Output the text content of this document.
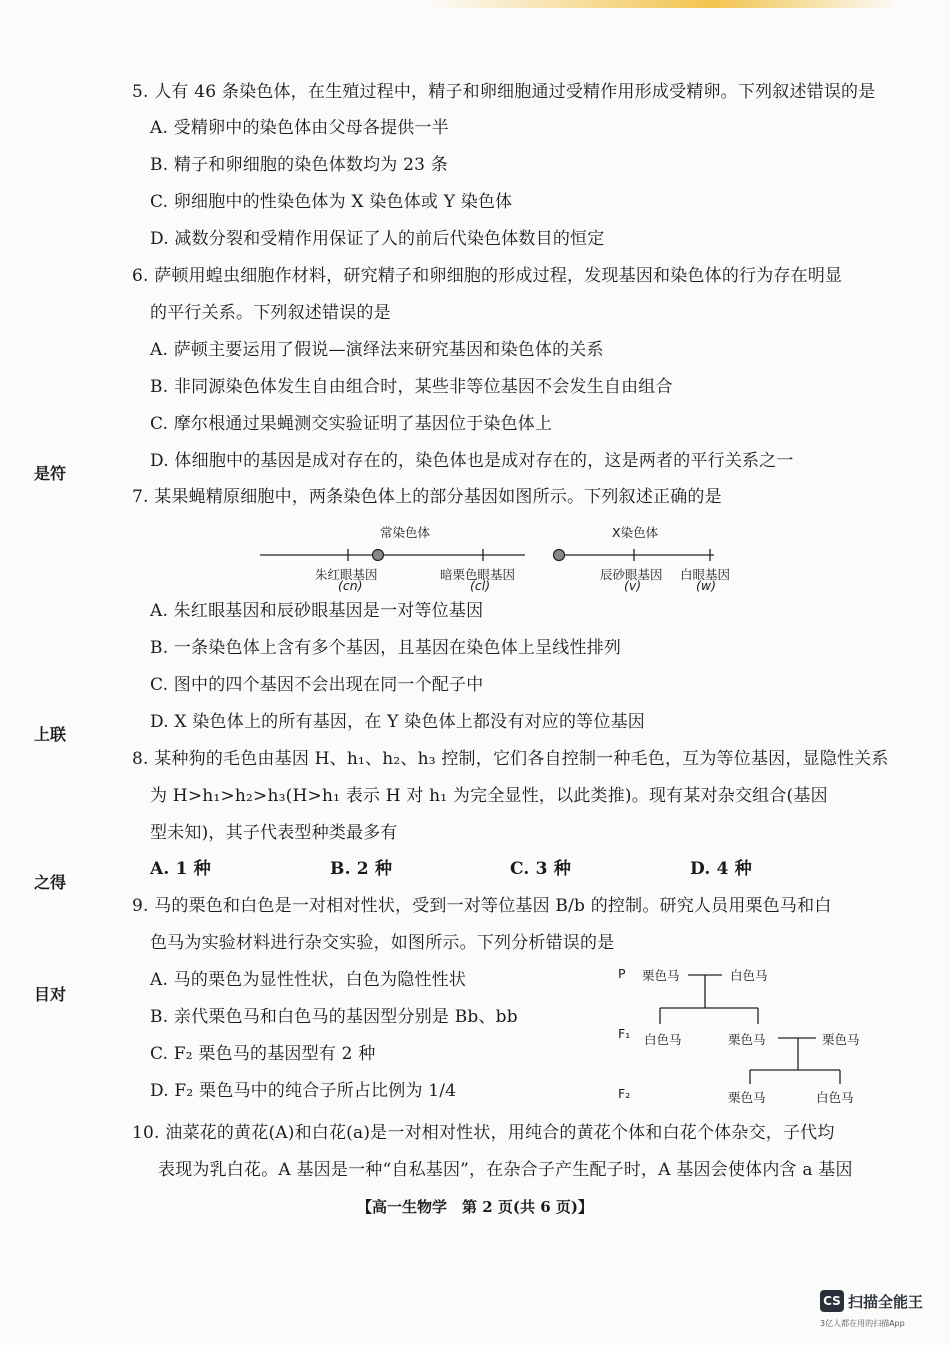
是符
上联
之得
目对
5. 人有 46 条染色体，在生殖过程中，精子和卵细胞通过受精作用形成受精卵。下列叙述错误的是
A. 受精卵中的染色体由父母各提供一半
B. 精子和卵细胞的染色体数均为 23 条
C. 卵细胞中的性染色体为 X 染色体或 Y 染色体
D. 减数分裂和受精作用保证了人的前后代染色体数目的恒定
6. 萨顿用蝗虫细胞作材料，研究精子和卵细胞的形成过程，发现基因和染色体的行为存在明显
的平行关系。下列叙述错误的是
A. 萨顿主要运用了假说—演绎法来研究基因和染色体的关系
B. 非同源染色体发生自由组合时，某些非等位基因不会发生自由组合
C. 摩尔根通过果蝇测交实验证明了基因位于染色体上
D. 体细胞中的基因是成对存在的，染色体也是成对存在的，这是两者的平行关系之一
7. 某果蝇精原细胞中，两条染色体上的部分基因如图所示。下列叙述正确的是
常染色体	X染色体
朱红眼基因
(cn)
暗栗色眼基因
(cl)
辰砂眼基因
(v)
白眼基因
(w)
A. 朱红眼基因和辰砂眼基因是一对等位基因
B. 一条染色体上含有多个基因，且基因在染色体上呈线性排列
C. 图中的四个基因不会出现在同一个配子中
D. X 染色体上的所有基因，在 Y 染色体上都没有对应的等位基因
8. 某种狗的毛色由基因 H、h₁、h₂、h₃ 控制，它们各自控制一种毛色，互为等位基因，显隐性关系
为 H>h₁>h₂>h₃(H>h₁ 表示 H 对 h₁ 为完全显性，以此类推)。现有某对杂交组合(基因
型未知)，其子代表型种类最多有
A. 1 种	B. 2 种	C. 3 种	D. 4 种
9. 马的栗色和白色是一对相对性状，受到一对等位基因 B/b 的控制。研究人员用栗色马和白
色马为实验材料进行杂交实验，如图所示。下列分析错误的是
A. 马的栗色为显性性状，白色为隐性性状
B. 亲代栗色马和白色马的基因型分别是 Bb、bb
C. F₂ 栗色马的基因型有 2 种
D. F₂ 栗色马中的纯合子所占比例为 1/4
P 栗色马	白色马
F₁ 白色马	栗色马	栗色马
F₂	栗色马	白色马
10. 油菜花的黄花(A)和白花(a)是一对相对性状，用纯合的黄花个体和白花个体杂交，子代均
表现为乳白花。A 基因是一种“自私基因”，在杂合子产生配子时，A 基因会使体内含 a 基因
【高一生物学　第 2 页(共 6 页)】
CS 扫描全能王
3亿人都在用的扫描App
